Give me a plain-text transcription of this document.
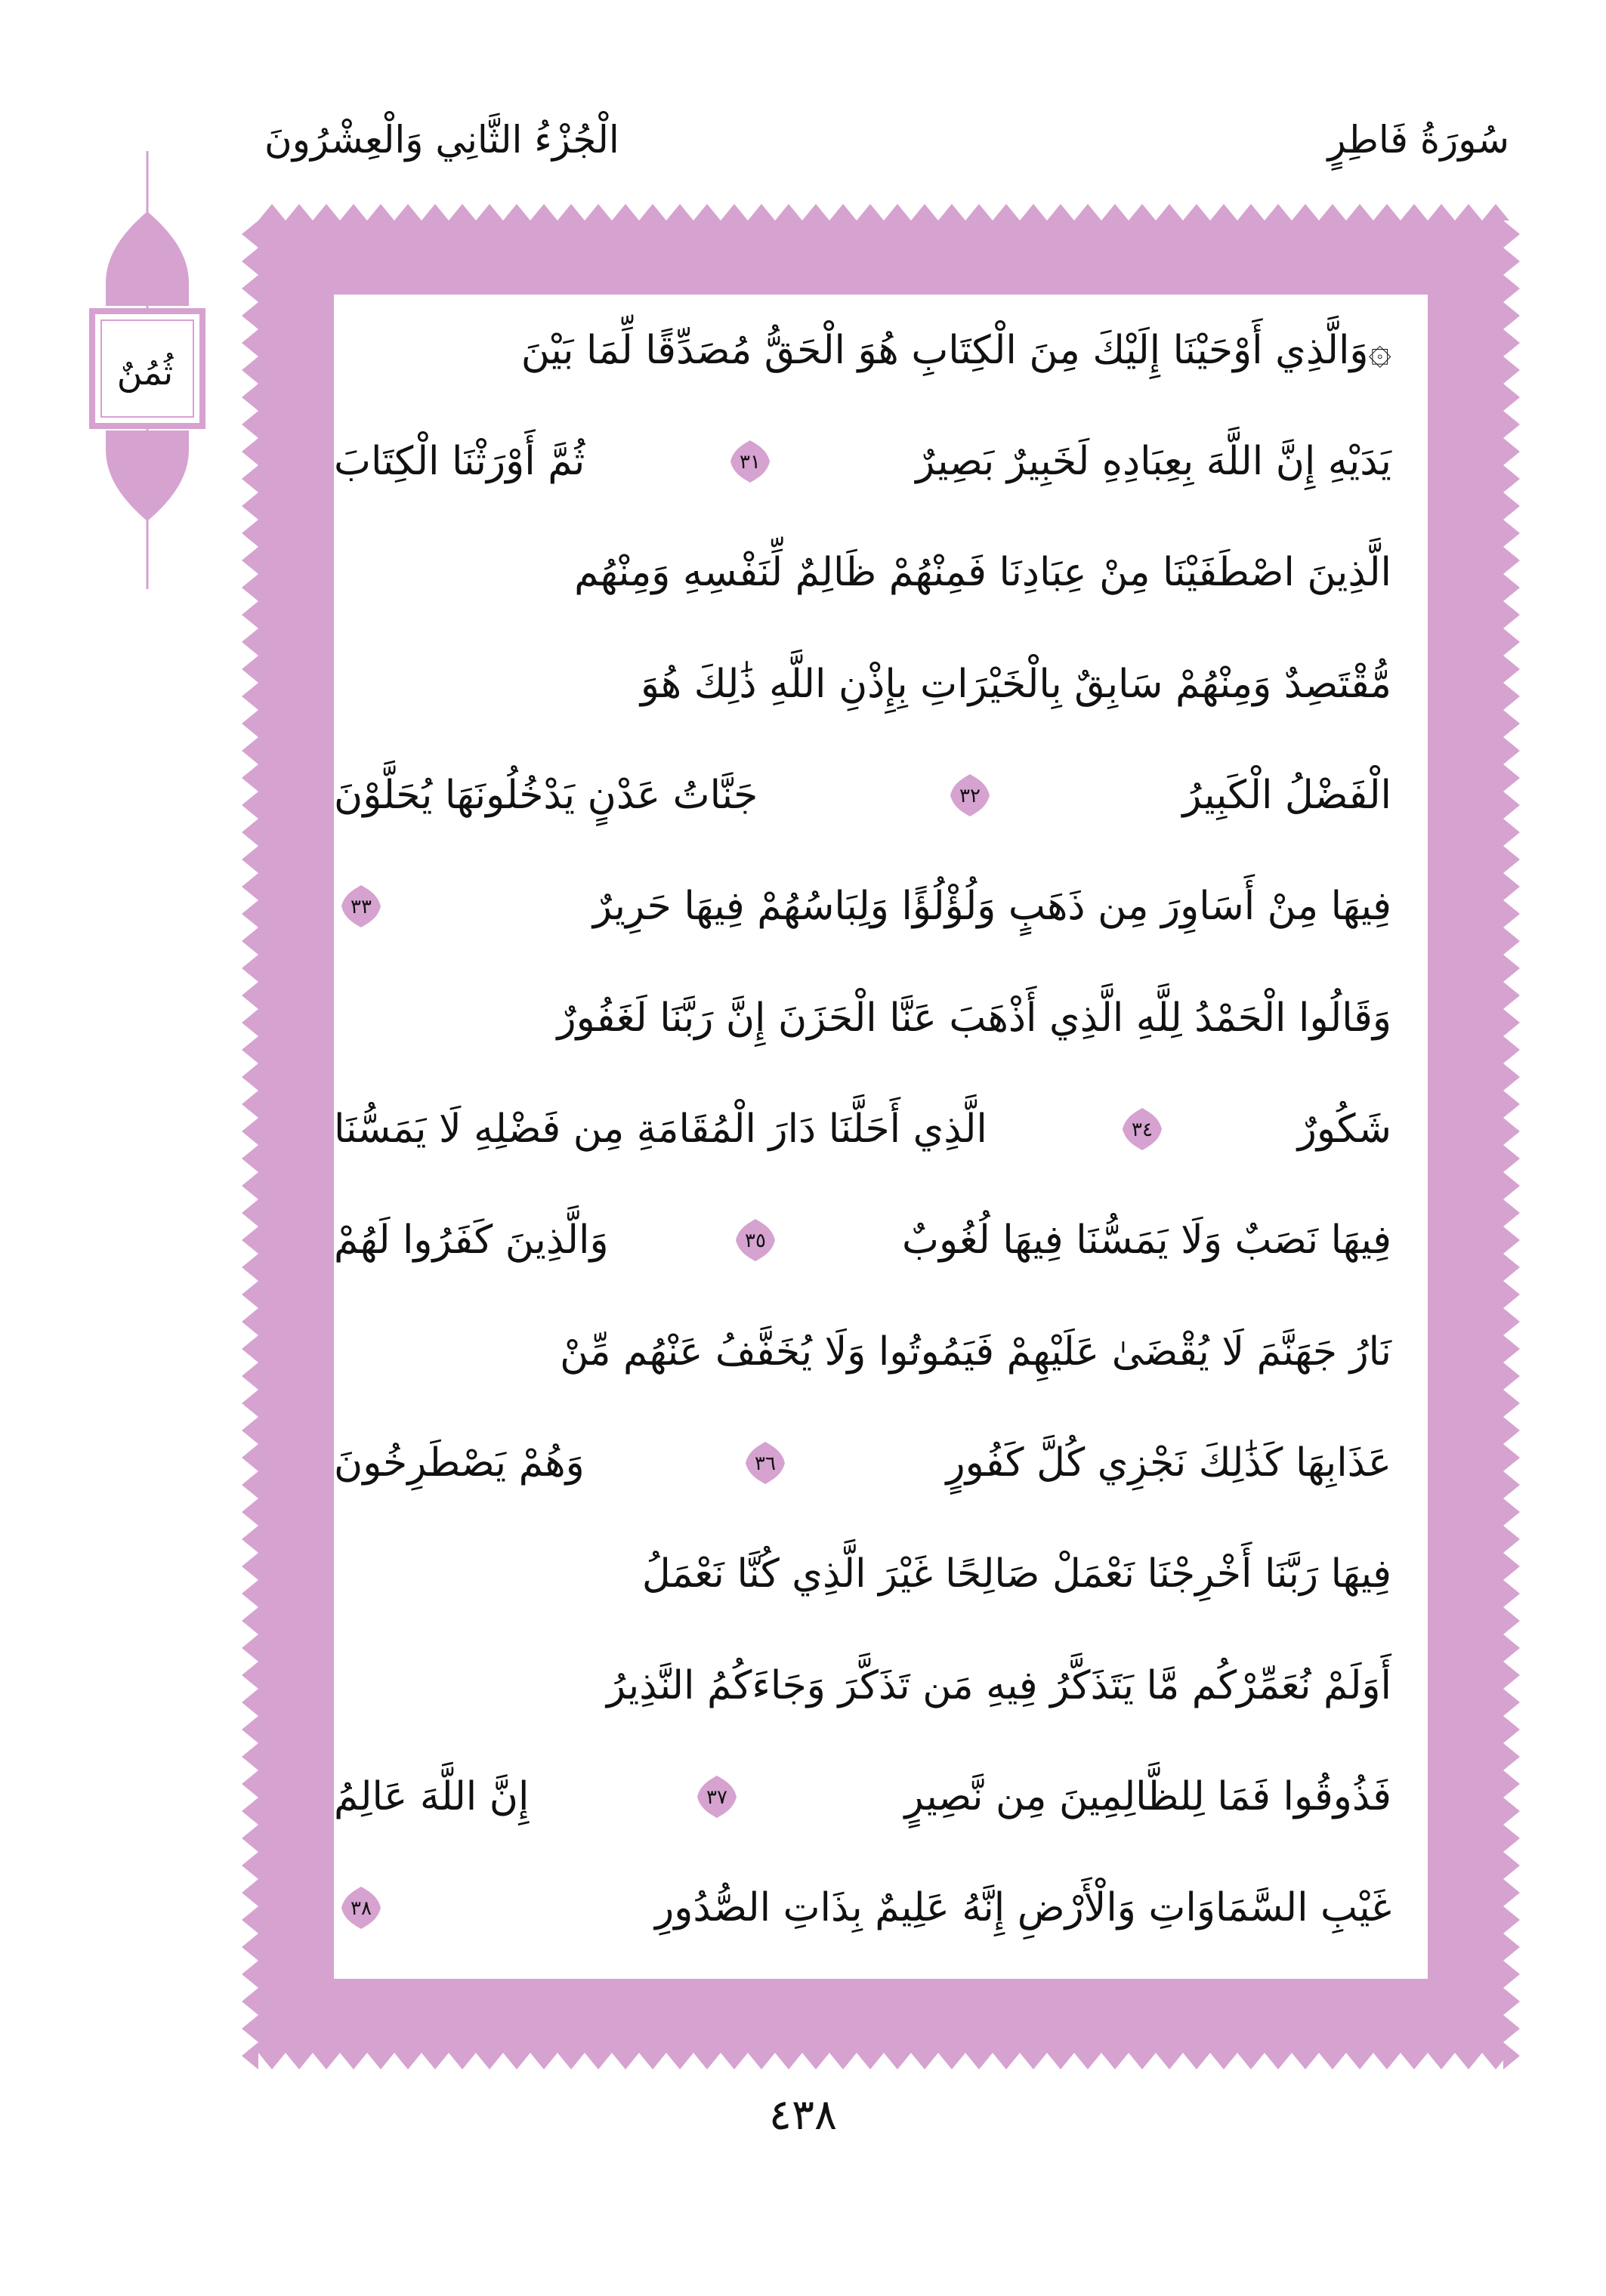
سُورَةُ فَاطِرٍ
الْجُزْءُ الثَّانِي وَالْعِشْرُونَ
ثُمُنٌ	۞وَالَّذِي أَوْحَيْنَا إِلَيْكَ مِنَ الْكِتَابِ هُوَ الْحَقُّ مُصَدِّقًا لِّمَا بَيْنَ
يَدَيْهِ إِنَّ اللَّهَ بِعِبَادِهِ لَخَبِيرٌ بَصِيرٌ
٣١
ثُمَّ أَوْرَثْنَا الْكِتَابَ
الَّذِينَ اصْطَفَيْنَا مِنْ عِبَادِنَا فَمِنْهُمْ ظَالِمٌ لِّنَفْسِهِ وَمِنْهُم
مُّقْتَصِدٌ وَمِنْهُمْ سَابِقٌ بِالْخَيْرَاتِ بِإِذْنِ اللَّهِ ذَٰلِكَ هُوَ
الْفَضْلُ الْكَبِيرُ
٣٢
جَنَّاتُ عَدْنٍ يَدْخُلُونَهَا يُحَلَّوْنَ
فِيهَا مِنْ أَسَاوِرَ مِن ذَهَبٍ وَلُؤْلُؤًا وَلِبَاسُهُمْ فِيهَا حَرِيرٌ
٣٣
وَقَالُوا الْحَمْدُ لِلَّهِ الَّذِي أَذْهَبَ عَنَّا الْحَزَنَ إِنَّ رَبَّنَا لَغَفُورٌ
شَكُورٌ
٣٤
الَّذِي أَحَلَّنَا دَارَ الْمُقَامَةِ مِن فَضْلِهِ لَا يَمَسُّنَا
فِيهَا نَصَبٌ وَلَا يَمَسُّنَا فِيهَا لُغُوبٌ
٣٥
وَالَّذِينَ كَفَرُوا لَهُمْ
نَارُ جَهَنَّمَ لَا يُقْضَىٰ عَلَيْهِمْ فَيَمُوتُوا وَلَا يُخَفَّفُ عَنْهُم مِّنْ
عَذَابِهَا كَذَٰلِكَ نَجْزِي كُلَّ كَفُورٍ
٣٦
وَهُمْ يَصْطَرِخُونَ
فِيهَا رَبَّنَا أَخْرِجْنَا نَعْمَلْ صَالِحًا غَيْرَ الَّذِي كُنَّا نَعْمَلُ
أَوَلَمْ نُعَمِّرْكُم مَّا يَتَذَكَّرُ فِيهِ مَن تَذَكَّرَ وَجَاءَكُمُ النَّذِيرُ
فَذُوقُوا فَمَا لِلظَّالِمِينَ مِن نَّصِيرٍ
٣٧
إِنَّ اللَّهَ عَالِمُ
غَيْبِ السَّمَاوَاتِ وَالْأَرْضِ إِنَّهُ عَلِيمٌ بِذَاتِ الصُّدُورِ
٣٨
٤٣٨
